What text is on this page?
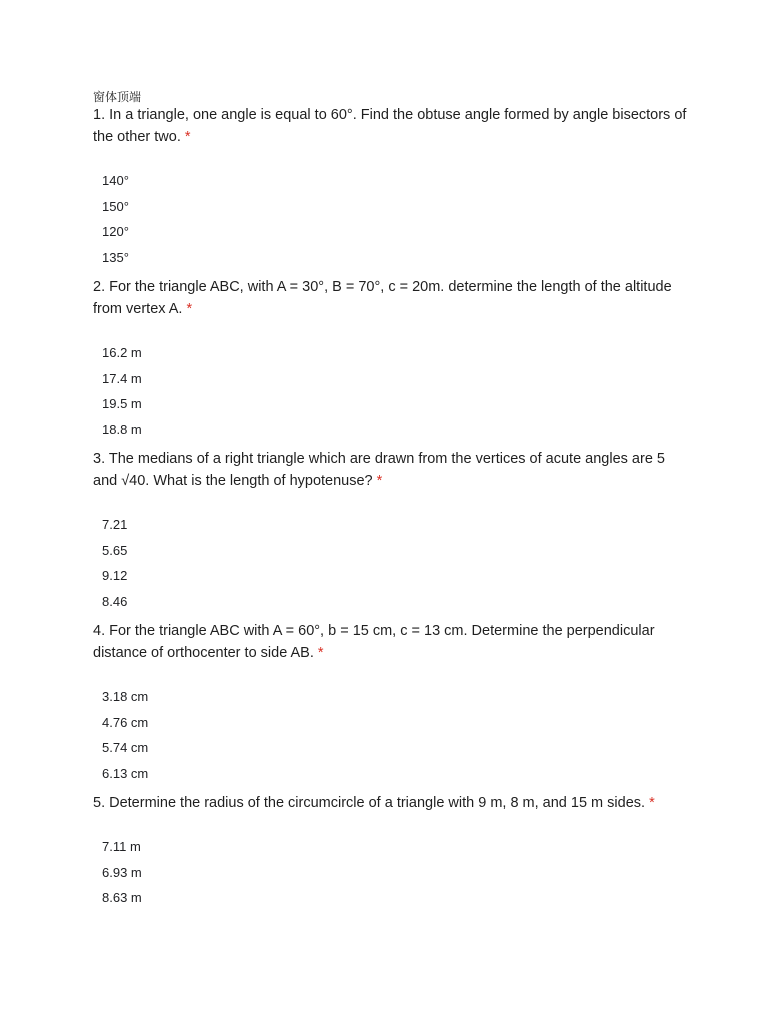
窗体顶端
1. In a triangle, one angle is equal to 60°. Find the obtuse angle formed by angle bisectors of the other two. *
140°
150°
120°
135°
2. For the triangle ABC, with A = 30°, B = 70°, c = 20m. determine the length of the altitude from vertex A. *
16.2 m
17.4 m
19.5 m
18.8 m
3. The medians of a right triangle which are drawn from the vertices of acute angles are 5 and √40. What is the length of hypotenuse? *
7.21
5.65
9.12
8.46
4. For the triangle ABC with A = 60°, b = 15 cm, c = 13 cm. Determine the perpendicular distance of orthocenter to side AB. *
3.18 cm
4.76 cm
5.74 cm
6.13 cm
5. Determine the radius of the circumcircle of a triangle with 9 m, 8 m, and 15 m sides. *
7.11 m
6.93 m
8.63 m
